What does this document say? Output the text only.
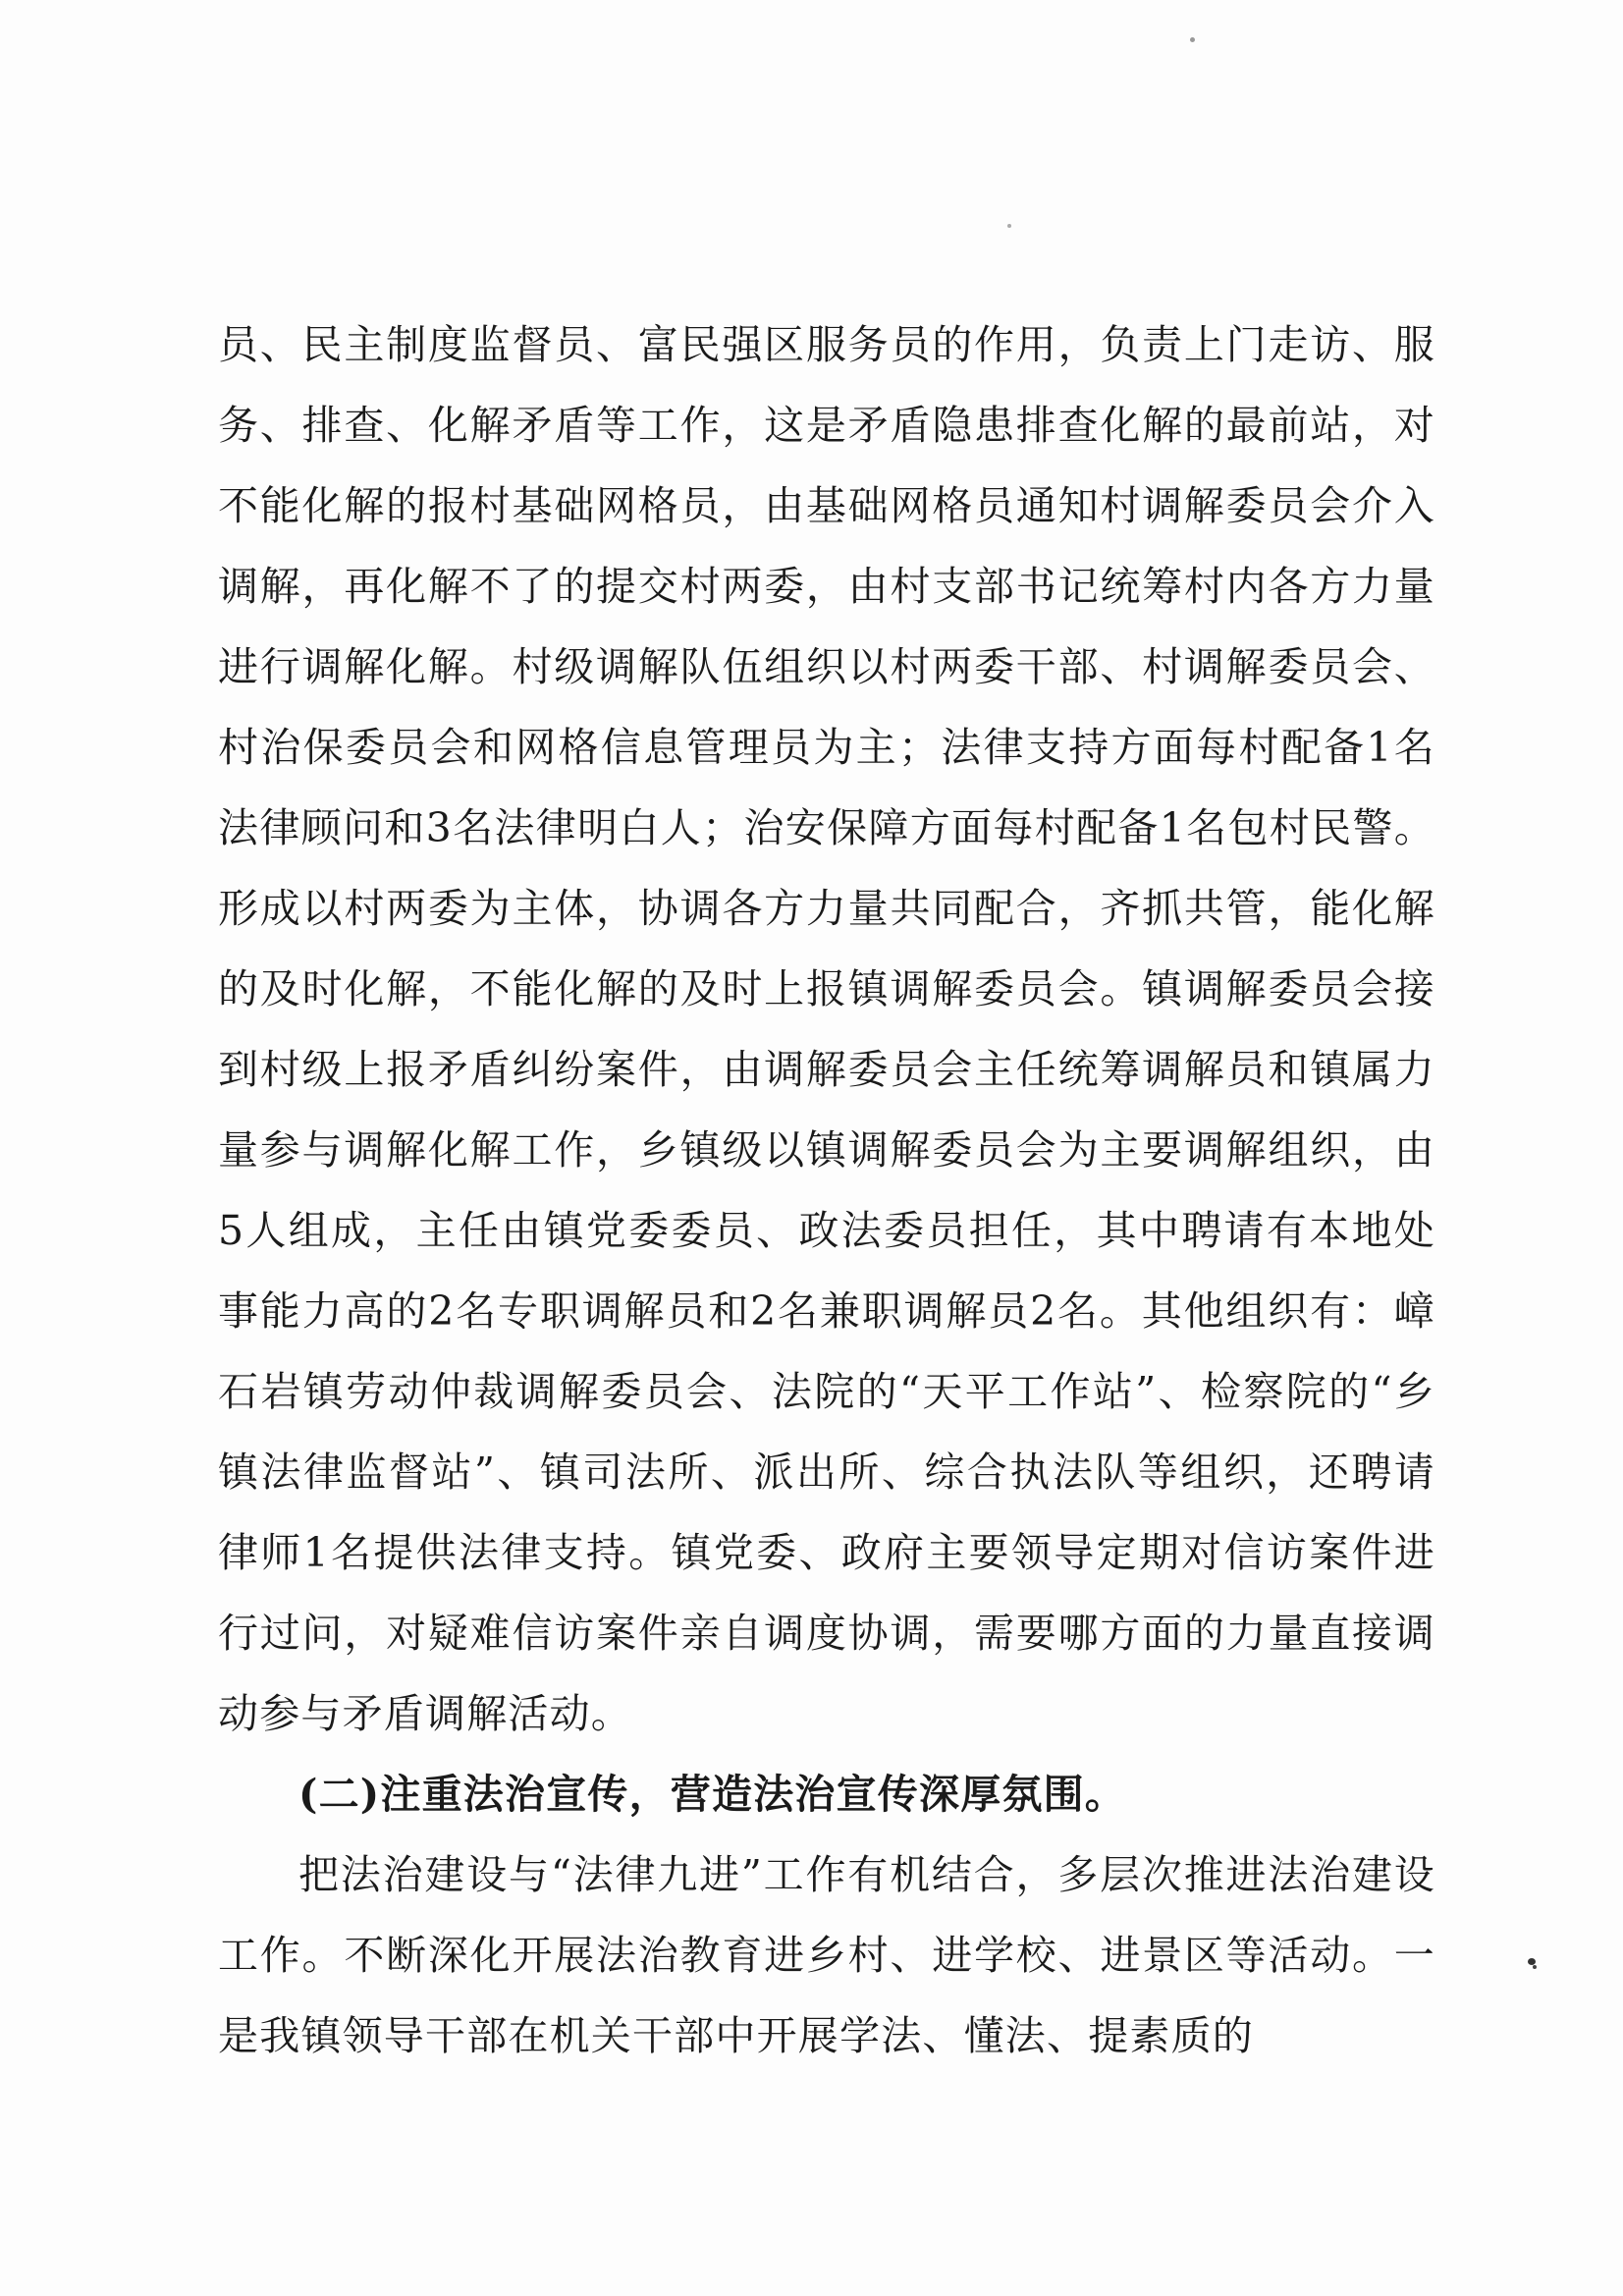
员、民主制度监督员、富民强区服务员的作用，负责上门走访、服务、排查、化解矛盾等工作，这是矛盾隐患排查化解的最前站，对不能化解的报村基础网格员，由基础网格员通知村调解委员会介入调解，再化解不了的提交村两委，由村支部书记统筹村内各方力量进行调解化解。村级调解队伍组织以村两委干部、村调解委员会、村治保委员会和网格信息管理员为主；法律支持方面每村配备1名法律顾问和3名法律明白人；治安保障方面每村配备1名包村民警。形成以村两委为主体，协调各方力量共同配合，齐抓共管，能化解的及时化解，不能化解的及时上报镇调解委员会。镇调解委员会接到村级上报矛盾纠纷案件，由调解委员会主任统筹调解员和镇属力量参与调解化解工作，乡镇级以镇调解委员会为主要调解组织，由5人组成，主任由镇党委委员、政法委员担任，其中聘请有本地处事能力高的2名专职调解员和2名兼职调解员2名。其他组织有：嶂石岩镇劳动仲裁调解委员会、法院的“天平工作站”、检察院的“乡镇法律监督站”、镇司法所、派出所、综合执法队等组织，还聘请律师1名提供法律支持。镇党委、政府主要领导定期对信访案件进行过问，对疑难信访案件亲自调度协调，需要哪方面的力量直接调动参与矛盾调解活动。

(二)注重法治宣传，营造法治宣传深厚氛围。

把法治建设与“法律九进”工作有机结合，多层次推进法治建设工作。不断深化开展法治教育进乡村、进学校、进景区等活动。一是我镇领导干部在机关干部中开展学法、懂法、提素质的
